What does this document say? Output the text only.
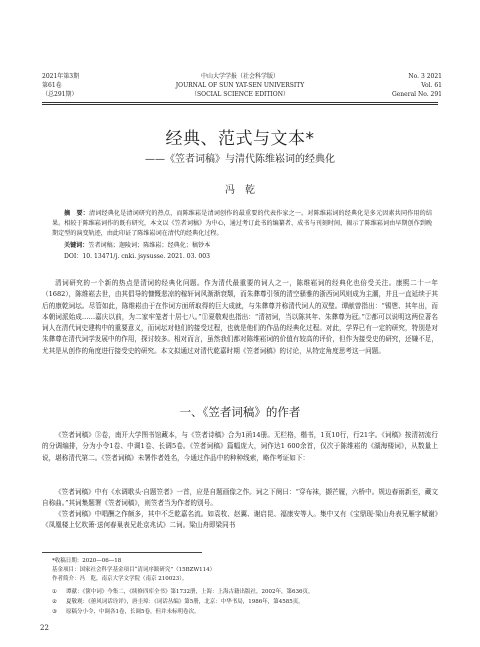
2021年第3期
第61卷
（总291期）
中山大学学报（社会科学版）
JOURNAL OF SUN YAT-SEN UNIVERSITY
（SOCIAL SCIENCE EDITION）
No. 3 2021
Vol. 61
General No. 291
经典、范式与文本*
——《笠者词稿》与清代陈维崧词的经典化
冯乾
摘　要：清词经典化是清词研究的热点，而陈维崧是清词创作的最重要的代表作家之一。对陈维崧词的经典化是多元因素共同作用的结果。相较于陈维崧词作的既有研究，本文以《笠者词稿》为中心，通过考订此书的编纂者、成书与刊刻时间，揭示了陈维崧词由早期创作到晚期定型的演变轨迹，由此印证了陈维崧词在清代的经典化过程。
关键词：笠者词稿；迦陵词；陈维崧；经典化；稿钞本
DOI：10. 13471/j. cnki. jsysusse. 2021. 03. 003
清词研究的一个新的热点是清词的经典化问题。作为清代最重要的词人之一，陈维崧词的经典化也倍受关注。康熙二十一年（1682），陈维崧去世，由其倡导的慷慨悲凉的稼轩词风渐渐衰颓，而朱彝尊引领的清空骚雅的浙西词风则成为主潮，并且一直延续于其后的康乾词坛。尽管如此，陈维崧由于在作词方面所取得的巨大成就，与朱彝尊并称清代词人的双璧。谭献曾指出：“锡鬯、其年出，而本朝词派始成……嘉庆以前，为二家牢笼者十居七八。”①夏敬观也指出：“清初词，当以陈其年、朱彝尊为冠。”②都可以说明这两位著名词人在清代词史建构中的重要意义，而词坛对他们的接受过程，也就是他们的作品的经典化过程。对此，学界已有一定的研究，特别是对朱彝尊在清代词学发展中的作用，探讨较多。相对而言，虽然我们都对陈维崧词的价值有较高的评价，但作为接受史的研究，还嫌不足，尤其是从创作的角度进行接受史的研究。本文拟通过对清代乾嘉时期《笠者词稿》的讨论，从特定角度思考这一问题。
一、《笠者词稿》的作者
《笠者词稿》③卷，南开大学图书馆藏本，与《笠者诗稿》合为1函14册。无栏格，楷书，1页10行，行21字。《词稿》按清初流行的分调编排，分为小令1卷、中调1卷、长调5卷。《笠者词稿》篇幅庞大，词作达1 600余首，仅次于陈维崧的《湖海楼词》，从数量上说，堪称清代第二。《笠者词稿》未署作者姓名，今通过作品中的种种线索，略作考证如下：
《笠者词稿》中有《水调歌头·自题笠者》一首，应是自题画像之作。词之下阕曰：“穿布袜，撷芒履，六桥中。规边春雨新至，藏文自称曲。”其词集题署《笠者词稿》，则笠者当为作者的别号。
《笠者词稿》中唱酬之作颇多，其中不乏乾嘉名流。如袁枚、赵翼、谢启昆、福康安等人。集中又有《宝鼎现·梁山舟表兄雁字赋谢》《凤凰楼上忆吹箫·送何春巢表兄赴京兆试》二词。梁山舟即梁同书
*收稿日期：2020—06—18
基金项目：国家社会科学基金项目“清词序跋研究”（15BZW114）
作者简介：冯　乾，南京大学文学院（南京 210023）。
① 谭献：《箧中词》今集二，《续修四库全书》第1732册，上海：上海古籍出版社，2002年，第636页。
② 夏敬观：《蕙风词话诠评》，唐圭璋：《词话丛编》第5册，北京：中华书局，1986年，第4585页。
③ 原稿分小令、中调各1卷，长调5卷，但并未标明卷次。
22
